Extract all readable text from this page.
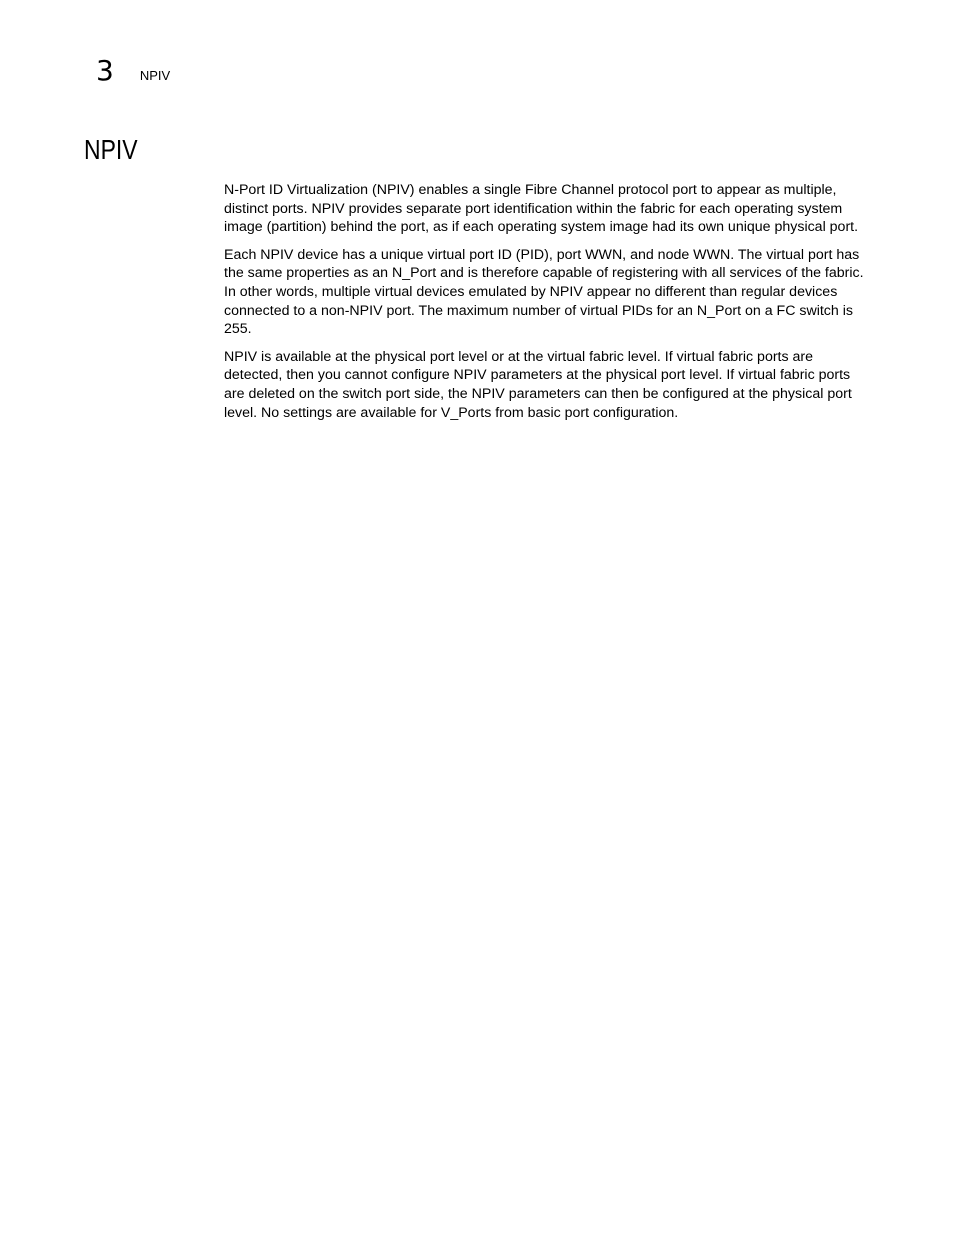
3 NPIV
NPIV

N-Port ID Virtualization (NPIV) enables a single Fibre Channel protocol port to appear as multiple, distinct ports. NPIV provides separate port identification within the fabric for each operating system image (partition) behind the port, as if each operating system image had its own unique physical port.

Each NPIV device has a unique virtual port ID (PID), port WWN, and node WWN. The virtual port has the same properties as an N_Port and is therefore capable of registering with all services of the fabric. In other words, multiple virtual devices emulated by NPIV appear no different than regular devices connected to a non-NPIV port. The maximum number of virtual PIDs for an N_Port on a FC switch is 255.

NPIV is available at the physical port level or at the virtual fabric level. If virtual fabric ports are detected, then you cannot configure NPIV parameters at the physical port level. If virtual fabric ports are deleted on the switch port side, the NPIV parameters can then be configured at the physical port level. No settings are available for V_Ports from basic port configuration.
